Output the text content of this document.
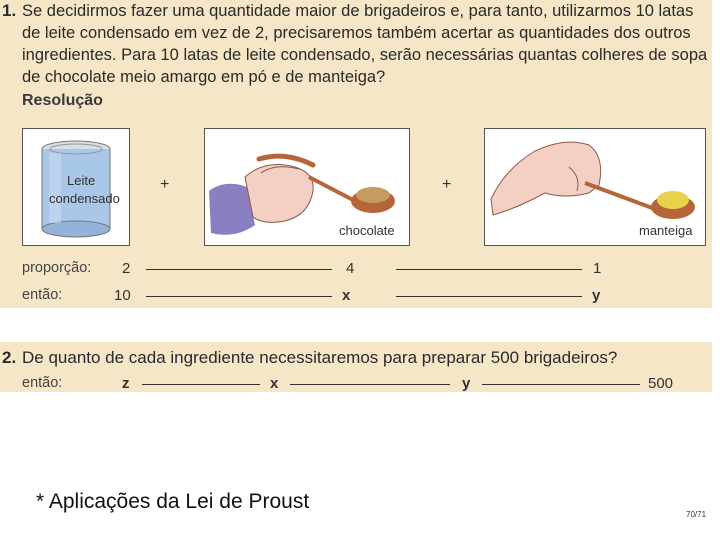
1. Se decidirmos fazer uma quantidade maior de brigadeiros e, para tanto, utilizarmos 10 latas de leite condensado em vez de 2, precisaremos também acertar as quantidades dos outros ingredientes. Para 10 latas de leite condensado, serão necessárias quantas colheres de sopa de chocolate meio amargo em pó e de manteiga?
Resolução
Leite
condensado
+
chocolate
+
manteiga
proporção: 2	4	1
então:	10	x	y
2. De quanto de cada ingrediente necessitaremos para preparar 500 brigadeiros?
então:	z	x	y	500
* Aplicações da Lei de Proust
70/71
